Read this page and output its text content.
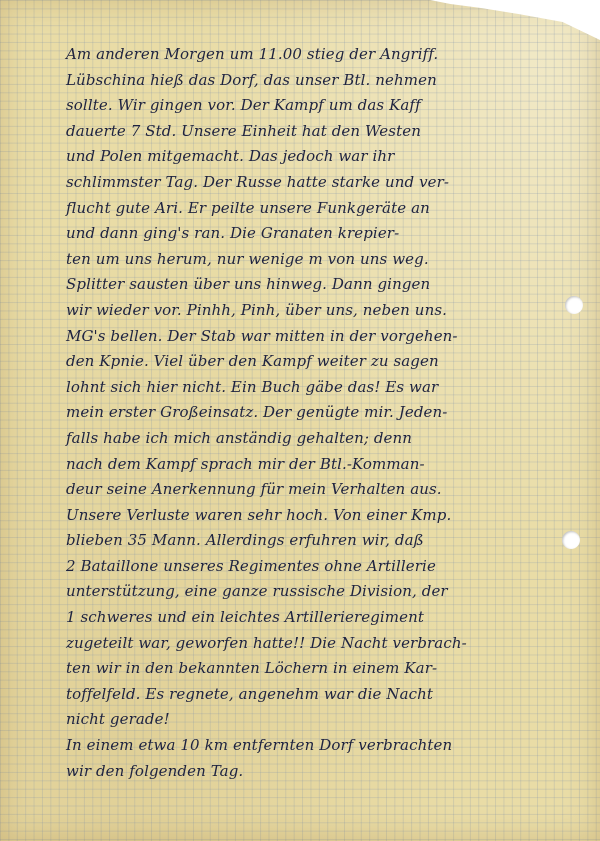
Am anderen Morgen um 11.00 stieg der Angriff.
Lübschina hieß das Dorf, das unser Btl. nehmen
sollte. Wir gingen vor. Der Kampf um das Kaff
dauerte 7 Std. Unsere Einheit hat den Westen
und Polen mitgemacht. Das jedoch war ihr
schlimmster Tag. Der Russe hatte starke und ver-
flucht gute Ari. Er peilte unsere Funkgeräte an
und dann ging's ran. Die Granaten krepier-
ten um uns herum, nur wenige m von uns weg.
Splitter sausten über uns hinweg. Dann gingen
wir wieder vor. Pinhh, Pinh, über uns, neben uns.
MG's bellen. Der Stab war mitten in der vorgehen-
den Kpnie. Viel über den Kampf weiter zu sagen
lohnt sich hier nicht. Ein Buch gäbe das! Es war
mein erster Großeinsatz. Der genügte mir. Jeden-
falls habe ich mich anständig gehalten; denn
nach dem Kampf sprach mir der Btl.-Komman-
deur seine Anerkennung für mein Verhalten aus.
Unsere Verluste waren sehr hoch. Von einer Kmp.
blieben 35 Mann. Allerdings erfuhren wir, daß
2 Bataillone unseres Regimentes ohne Artillerie
unterstützung, eine ganze russische Division, der
1 schweres und ein leichtes Artillerieregiment
zugeteilt war, geworfen hatte!! Die Nacht verbrach-
ten wir in den bekannten Löchern in einem Kar-
toffelfeld. Es regnete, angenehm war die Nacht
nicht gerade!
In einem etwa 10 km entfernten Dorf verbrachten
wir den folgenden Tag.
